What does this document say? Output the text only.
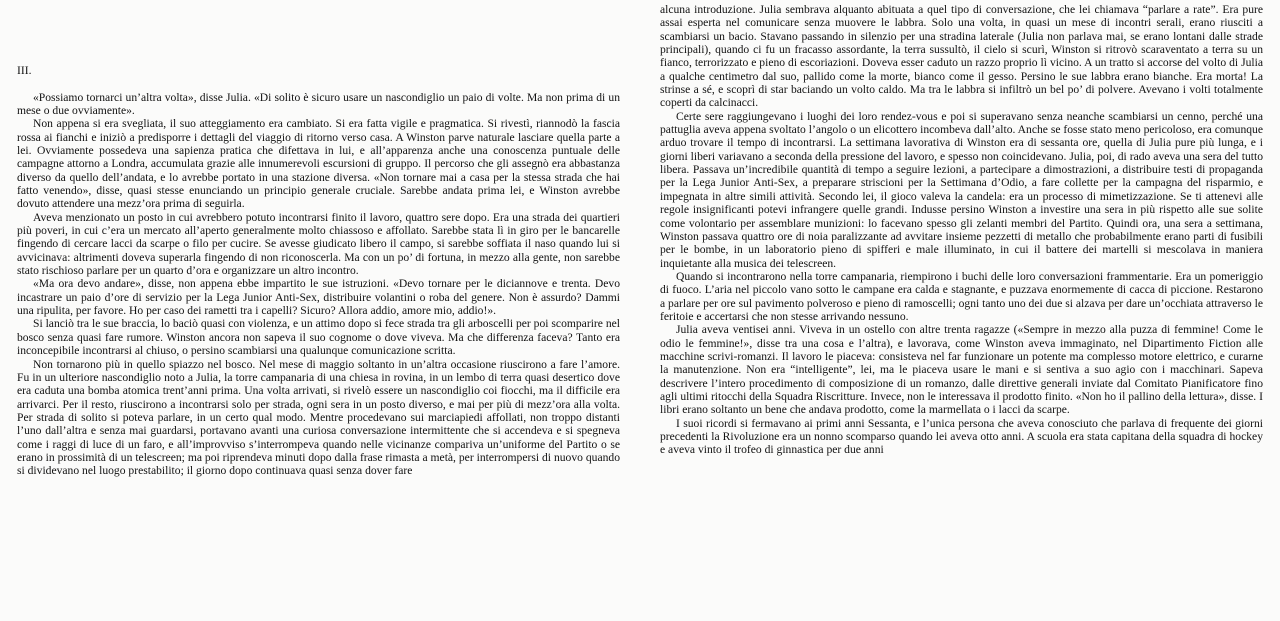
III.

«Possiamo tornarci un’altra volta», disse Julia. «Di solito è sicuro usare un nascondiglio un paio di volte. Ma non prima di un mese o due ovviamente».

Non appena si era svegliata, il suo atteggiamento era cambiato. Si era fatta vigile e pragmatica. Si rivestì, riannodò la fascia rossa ai fianchi e iniziò a predisporre i dettagli del viaggio di ritorno verso casa. A Winston parve naturale lasciare quella parte a lei. Ovviamente possedeva una sapienza pratica che difettava in lui, e all’apparenza anche una conoscenza puntuale delle campagne attorno a Londra, accumulata grazie alle innumerevoli escursioni di gruppo. Il percorso che gli assegnò era abbastanza diverso da quello dell’andata, e lo avrebbe portato in una stazione diversa. «Non tornare mai a casa per la stessa strada che hai fatto venendo», disse, quasi stesse enunciando un principio generale cruciale. Sarebbe andata prima lei, e Winston avrebbe dovuto attendere una mezz’ora prima di seguirla.

Aveva menzionato un posto in cui avrebbero potuto incontrarsi finito il lavoro, quattro sere dopo. Era una strada dei quartieri più poveri, in cui c’era un mercato all’aperto generalmente molto chiassoso e affollato. Sarebbe stata lì in giro per le bancarelle fingendo di cercare lacci da scarpe o filo per cucire. Se avesse giudicato libero il campo, si sarebbe soffiata il naso quando lui si avvicinava: altrimenti doveva superarla fingendo di non riconoscerla. Ma con un po’ di fortuna, in mezzo alla gente, non sarebbe stato rischioso parlare per un quarto d’ora e organizzare un altro incontro.

«Ma ora devo andare», disse, non appena ebbe impartito le sue istruzioni. «Devo tornare per le diciannove e trenta. Devo incastrare un paio d’ore di servizio per la Lega Junior Anti-Sex, distribuire volantini o roba del genere. Non è assurdo? Dammi una ripulita, per favore. Ho per caso dei rametti tra i capelli? Sicuro? Allora addio, amore mio, addio!».

Si lanciò tra le sue braccia, lo baciò quasi con violenza, e un attimo dopo si fece strada tra gli arboscelli per poi scomparire nel bosco senza quasi fare rumore. Winston ancora non sapeva il suo cognome o dove viveva. Ma che differenza faceva? Tanto era inconcepibile incontrarsi al chiuso, o persino scambiarsi una qualunque comunicazione scritta.

Non tornarono più in quello spiazzo nel bosco. Nel mese di maggio soltanto in un’altra occasione riuscirono a fare l’amore. Fu in un ulteriore nascondiglio noto a Julia, la torre campanaria di una chiesa in rovina, in un lembo di terra quasi desertico dove era caduta una bomba atomica trent’anni prima. Una volta arrivati, si rivelò essere un nascondiglio coi fiocchi, ma il difficile era arrivarci. Per il resto, riuscirono a incontrarsi solo per strada, ogni sera in un posto diverso, e mai per più di mezz’ora alla volta. Per strada di solito si poteva parlare, in un certo qual modo. Mentre procedevano sui marciapiedi affollati, non troppo distanti l’uno dall’altra e senza mai guardarsi, portavano avanti una curiosa conversazione intermittente che si accendeva e si spegneva come i raggi di luce di un faro, e all’improvviso s’interrompeva quando nelle vicinanze compariva un’uniforme del Partito o se erano in prossimità di un telescreen; ma poi riprendeva minuti dopo dalla frase rimasta a metà, per interrompersi di nuovo quando si dividevano nel luogo prestabilito; il giorno dopo continuava quasi senza dover fare

alcuna introduzione. Julia sembrava alquanto abituata a quel tipo di conversazione, che lei chiamava “parlare a rate”. Era pure assai esperta nel comunicare senza muovere le labbra. Solo una volta, in quasi un mese di incontri serali, erano riusciti a scambiarsi un bacio. Stavano passando in silenzio per una stradina laterale (Julia non parlava mai, se erano lontani dalle strade principali), quando ci fu un fracasso assordante, la terra sussultò, il cielo si scurì, Winston si ritrovò scaraventato a terra su un fianco, terrorizzato e pieno di escoriazioni. Doveva esser caduto un razzo proprio lì vicino. A un tratto si accorse del volto di Julia a qualche centimetro dal suo, pallido come la morte, bianco come il gesso. Persino le sue labbra erano bianche. Era morta! La strinse a sé, e scoprì di star baciando un volto caldo. Ma tra le labbra si infiltrò un bel po’ di polvere. Avevano i volti totalmente coperti da calcinacci.

Certe sere raggiungevano i luoghi dei loro rendez-vous e poi si superavano senza neanche scambiarsi un cenno, perché una pattuglia aveva appena svoltato l’angolo o un elicottero incombeva dall’alto. Anche se fosse stato meno pericoloso, era comunque arduo trovare il tempo di incontrarsi. La settimana lavorativa di Winston era di sessanta ore, quella di Julia pure più lunga, e i giorni liberi variavano a seconda della pressione del lavoro, e spesso non coincidevano. Julia, poi, di rado aveva una sera del tutto libera. Passava un’incredibile quantità di tempo a seguire lezioni, a partecipare a dimostrazioni, a distribuire testi di propaganda per la Lega Junior Anti-Sex, a preparare striscioni per la Settimana d’Odio, a fare collette per la campagna del risparmio, e impegnata in altre simili attività. Secondo lei, il gioco valeva la candela: era un processo di mimetizzazione. Se ti attenevi alle regole insignificanti potevi infrangere quelle grandi. Indusse persino Winston a investire una sera in più rispetto alle sue solite come volontario per assemblare munizioni: lo facevano spesso gli zelanti membri del Partito. Quindi ora, una sera a settimana, Winston passava quattro ore di noia paralizzante ad avvitare insieme pezzetti di metallo che probabilmente erano parti di fusibili per le bombe, in un laboratorio pieno di spifferi e male illuminato, in cui il battere dei martelli si mescolava in maniera inquietante alla musica dei telescreen.

Quando si incontrarono nella torre campanaria, riempirono i buchi delle loro conversazioni frammentarie. Era un pomeriggio di fuoco. L’aria nel piccolo vano sotto le campane era calda e stagnante, e puzzava enormemente di cacca di piccione. Restarono a parlare per ore sul pavimento polveroso e pieno di ramoscelli; ogni tanto uno dei due si alzava per dare un’occhiata attraverso le feritoie e accertarsi che non stesse arrivando nessuno.

Julia aveva ventisei anni. Viveva in un ostello con altre trenta ragazze («Sempre in mezzo alla puzza di femmine! Come le odio le femmine!», disse tra una cosa e l’altra), e lavorava, come Winston aveva immaginato, nel Dipartimento Fiction alle macchine scrivi-romanzi. Il lavoro le piaceva: consisteva nel far funzionare un potente ma complesso motore elettrico, e curarne la manutenzione. Non era “intelligente”, lei, ma le piaceva usare le mani e si sentiva a suo agio con i macchinari. Sapeva descrivere l’intero procedimento di composizione di un romanzo, dalle direttive generali inviate dal Comitato Pianificatore fino agli ultimi ritocchi della Squadra Riscritture. Invece, non le interessava il prodotto finito. «Non ho il pallino della lettura», disse. I libri erano soltanto un bene che andava prodotto, come la marmellata o i lacci da scarpe.

I suoi ricordi si fermavano ai primi anni Sessanta, e l’unica persona che aveva conosciuto che parlava di frequente dei giorni precedenti la Rivoluzione era un nonno scomparso quando lei aveva otto anni. A scuola era stata capitana della squadra di hockey e aveva vinto il trofeo di ginnastica per due anni
